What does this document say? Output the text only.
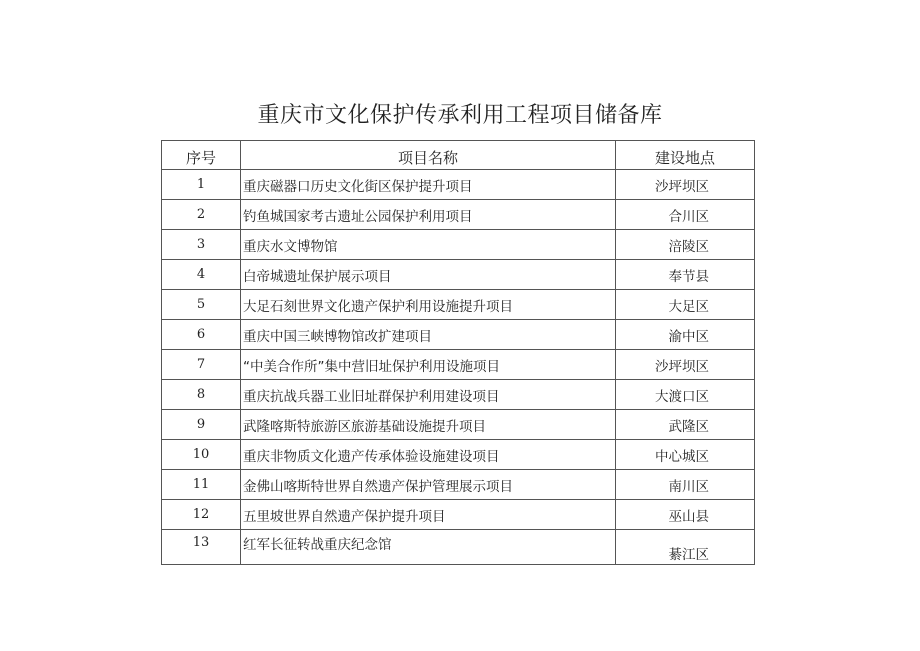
重庆市文化保护传承利用工程项目储备库
序号	项目名称	建设地点
1	重庆磁器口历史文化街区保护提升项目	沙坪坝区
2	钓鱼城国家考古遗址公园保护利用项目	合川区
3	重庆水文博物馆	涪陵区
4	白帝城遗址保护展示项目	奉节县
5	大足石刻世界文化遗产保护利用设施提升项目	大足区
6	重庆中国三峡博物馆改扩建项目	渝中区
7	“中美合作所”集中营旧址保护利用设施项目	沙坪坝区
8	重庆抗战兵器工业旧址群保护利用建设项目	大渡口区
9	武隆喀斯特旅游区旅游基础设施提升项目	武隆区
10	重庆非物质文化遗产传承体验设施建设项目	中心城区
11	金佛山喀斯特世界自然遗产保护管理展示项目	南川区
12	五里坡世界自然遗产保护提升项目	巫山县
13	红军长征转战重庆纪念馆	綦江区
